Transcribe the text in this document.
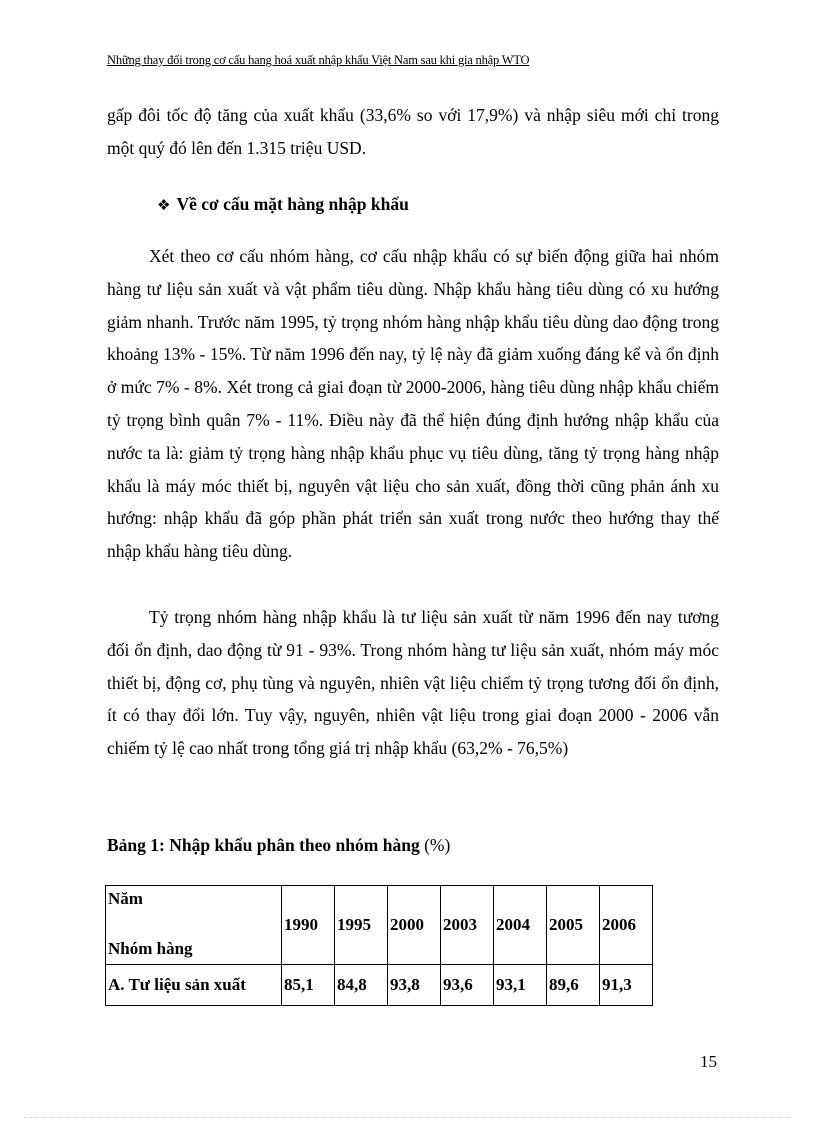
Những thay đổi trong cơ cấu hang hoá xuất nhập khẩu Việt Nam sau khi gia nhập WTO

gấp đôi tốc độ tăng của xuất khẩu (33,6% so với 17,9%) và nhập siêu mới chỉ trong một quý đó lên đến 1.315 triệu USD.

❖ Về cơ cấu mặt hàng nhập khẩu

Xét theo cơ cấu nhóm hàng, cơ cấu nhập khẩu có sự biến động giữa hai nhóm hàng tư liệu sản xuất và vật phẩm tiêu dùng. Nhập khẩu hàng tiêu dùng có xu hướng giảm nhanh. Trước năm 1995, tỷ trọng nhóm hàng nhập khẩu tiêu dùng dao động trong khoảng 13% - 15%. Từ năm 1996 đến nay, tỷ lệ này đã giảm xuống đáng kể và ổn định ở mức 7% - 8%. Xét trong cả giai đoạn từ 2000-2006, hàng tiêu dùng nhập khẩu chiếm tỷ trọng bình quân 7% - 11%. Điều này đã thể hiện đúng định hướng nhập khẩu của nước ta là: giảm tỷ trọng hàng nhập khẩu phục vụ tiêu dùng, tăng tỷ trọng hàng nhập khẩu là máy móc thiết bị, nguyên vật liệu cho sản xuất, đồng thời cũng phản ánh xu hướng: nhập khẩu đã góp phần phát triển sản xuất trong nước theo hướng thay thế nhập khẩu hàng tiêu dùng.

Tỷ trọng nhóm hàng nhập khẩu là tư liệu sản xuất từ năm 1996 đến nay tương đối ổn định, dao động từ 91 - 93%. Trong nhóm hàng tư liệu sản xuất, nhóm máy móc thiết bị, động cơ, phụ tùng và nguyên, nhiên vật liệu chiếm tỷ trọng tương đối ổn định, ít có thay đổi lớn. Tuy vậy, nguyên, nhiên vật liệu trong giai đoạn 2000 - 2006 vẫn chiếm tỷ lệ cao nhất trong tổng giá trị nhập khẩu (63,2% - 76,5%)

Bảng 1: Nhập khẩu phân theo nhóm hàng (%)
Năm
Nhóm hàng	1990	1995	2000	2003	2004	2005	2006
A. Tư liệu sản xuất	85,1	84,8	93,8	93,6	93,1	89,6	91,3
15
